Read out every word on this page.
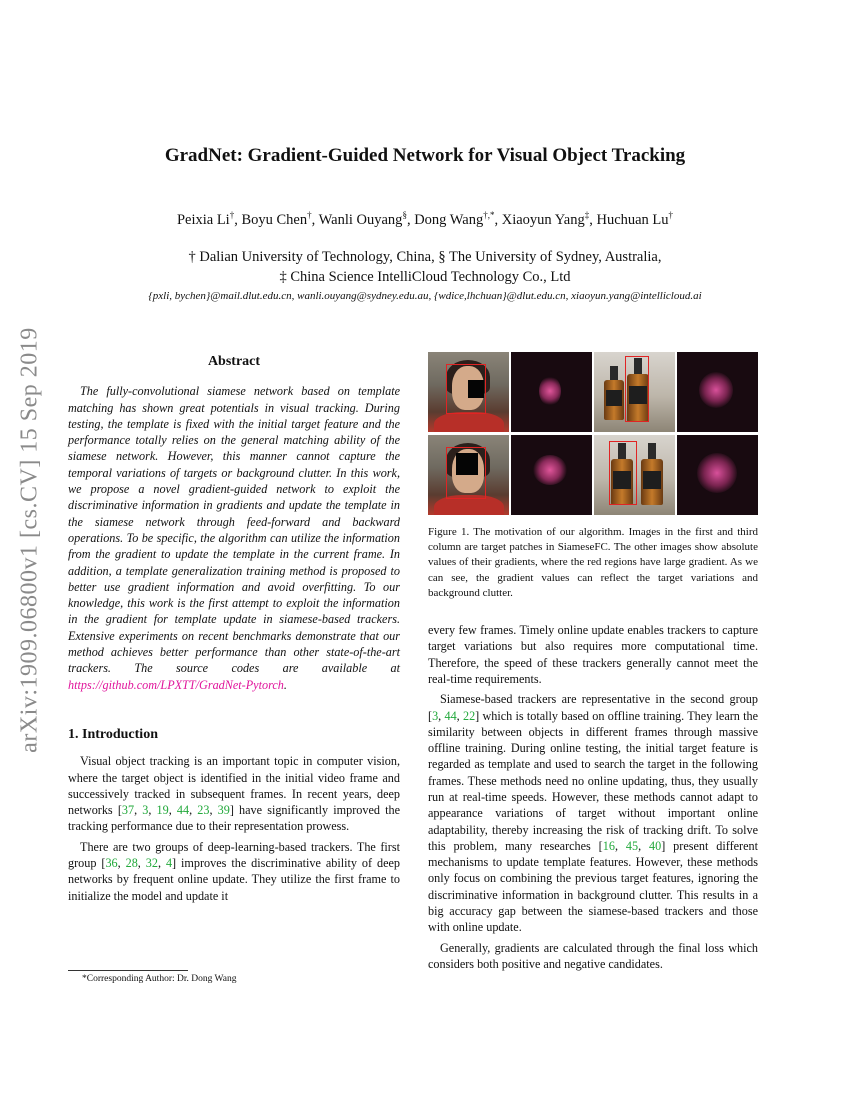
arXiv:1909.06800v1 [cs.CV] 15 Sep 2019
GradNet: Gradient-Guided Network for Visual Object Tracking
Peixia Li†, Boyu Chen†, Wanli Ouyang§, Dong Wang†,*, Xiaoyun Yang‡, Huchuan Lu†
† Dalian University of Technology, China, § The University of Sydney, Australia,
‡ China Science IntelliCloud Technology Co., Ltd
{pxli, bychen}@mail.dlut.edu.cn, wanli.ouyang@sydney.edu.au, {wdice,lhchuan}@dlut.edu.cn, xiaoyun.yang@intellicloud.ai
Abstract

The fully-convolutional siamese network based on template matching has shown great potentials in visual tracking. During testing, the template is fixed with the initial target feature and the performance totally relies on the general matching ability of the siamese network. However, this manner cannot capture the temporal variations of targets or background clutter. In this work, we propose a novel gradient-guided network to exploit the discriminative information in gradients and update the template in the siamese network through feed-forward and backward operations. To be specific, the algorithm can utilize the information from the gradient to update the template in the current frame. In addition, a template generalization training method is proposed to better use gradient information and avoid overfitting. To our knowledge, this work is the first attempt to exploit the information in the gradient for template update in siamese-based trackers. Extensive experiments on recent benchmarks demonstrate that our method achieves better performance than other state-of-the-art trackers. The source codes are available at https://github.com/LPXTT/GradNet-Pytorch.

1. Introduction

Visual object tracking is an important topic in computer vision, where the target object is identified in the initial video frame and successively tracked in subsequent frames. In recent years, deep networks [37, 3, 19, 44, 23, 39] have significantly improved the tracking performance due to their representation prowess.

There are two groups of deep-learning-based trackers. The first group [36, 28, 32, 4] improves the discriminative ability of deep networks by frequent online update. They utilize the first frame to initialize the model and update it

*Corresponding Author: Dr. Dong Wang
Figure 1. The motivation of our algorithm. Images in the first and third column are target patches in SiameseFC. The other images show absolute values of their gradients, where the red regions have large gradient. As we can see, the gradient values can reflect the target variations and background clutter.

every few frames. Timely online update enables trackers to capture target variations but also requires more computational time. Therefore, the speed of these trackers generally cannot meet the real-time requirements.

Siamese-based trackers are representative in the second group [3, 44, 22] which is totally based on offline training. They learn the similarity between objects in different frames through massive offline training. During online testing, the initial target feature is regarded as template and used to search the target in the following frames. These methods need no online updating, thus, they usually run at real-time speeds. However, these methods cannot adapt to appearance variations of target without important online adaptability, thereby increasing the risk of tracking drift. To solve this problem, many researches [16, 45, 40] present different mechanisms to update template features. However, these methods only focus on combining the previous target features, ignoring the discriminative information in background clutter. This results in a big accuracy gap between the siamese-based trackers and those with online update.

Generally, gradients are calculated through the final loss which considers both positive and negative candidates.
